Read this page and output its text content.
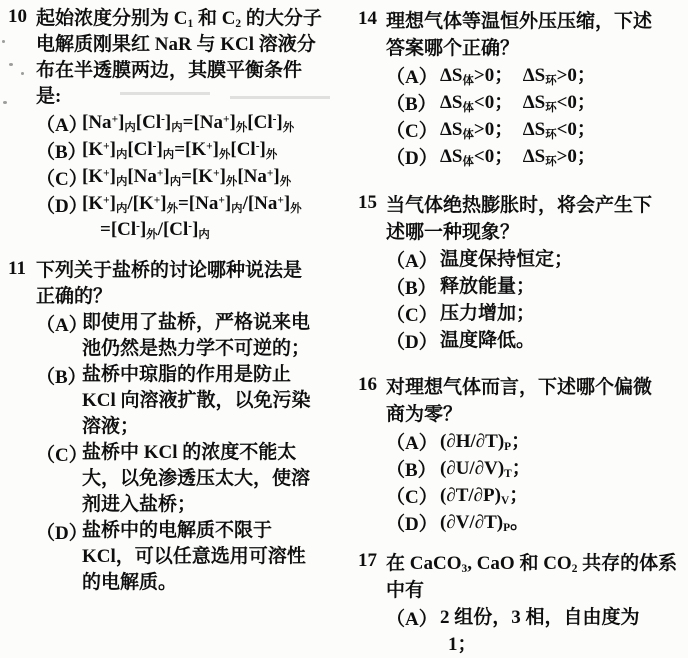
10 起始浓度分别为 $C_1$ 和 $C_2$ 的大分子
电解质刚果红 NaR 与 KCl 溶液分
布在半透膜两边，其膜平衡条件
是:
（A）
$[Na^+]_内[Cl^-]_内=[Na^+]_外[Cl^-]_外$
（B）
$[K^+]_内[Cl^-]_内=[K^+]_外[Cl^-]_外$
（C）
$[K^+]_内[Na^+]_内=[K^+]_外[Na^+]_外$
（D）
$[K^+]_内/[K^+]_外=[Na^+]_内/[Na^+]_外$
$=[Cl^-]_外/[Cl^-]_内$
11 下列关于盐桥的讨论哪种说法是
正确的？
（A）
即使用了盐桥，严格说来电
池仍然是热力学不可逆的；
（B）
盐桥中琼脂的作用是防止
KCl 向溶液扩散，以免污染
溶液；
（C）
盐桥中 KCl 的浓度不能太
大，以免渗透压太大，使溶
剂进入盐桥；
（D）
盐桥中的电解质不限于
KCl，可以任意选用可溶性
的电解质。
14 理想气体等温恒外压压缩，下述
答案哪个正确？
（A） $\Delta S_体>0$；　$\Delta S_环>0$；
（B） $\Delta S_体<0$；　$\Delta S_环<0$；
（C） $\Delta S_体>0$；　$\Delta S_环<0$；
（D） $\Delta S_体<0$；　$\Delta S_环>0$；
15 当气体绝热膨胀时，将会产生下
述哪一种现象？
（A） 温度保持恒定；
（B） 释放能量；
（C） 压力增加；
（D） 温度降低。
16 对理想气体而言，下述哪个偏微
商为零？
（A） $(\partial H/\partial T)_P$；
（B） $(\partial U/\partial V)_T$；
（C） $(\partial T/\partial P)_V$；
（D） $(\partial V/\partial T)_P$。
17 在 CaCO$_3$, CaO 和 $CO_2$ 共存的体系
中有
（A） 2 组份，3 相，自由度为
1；
